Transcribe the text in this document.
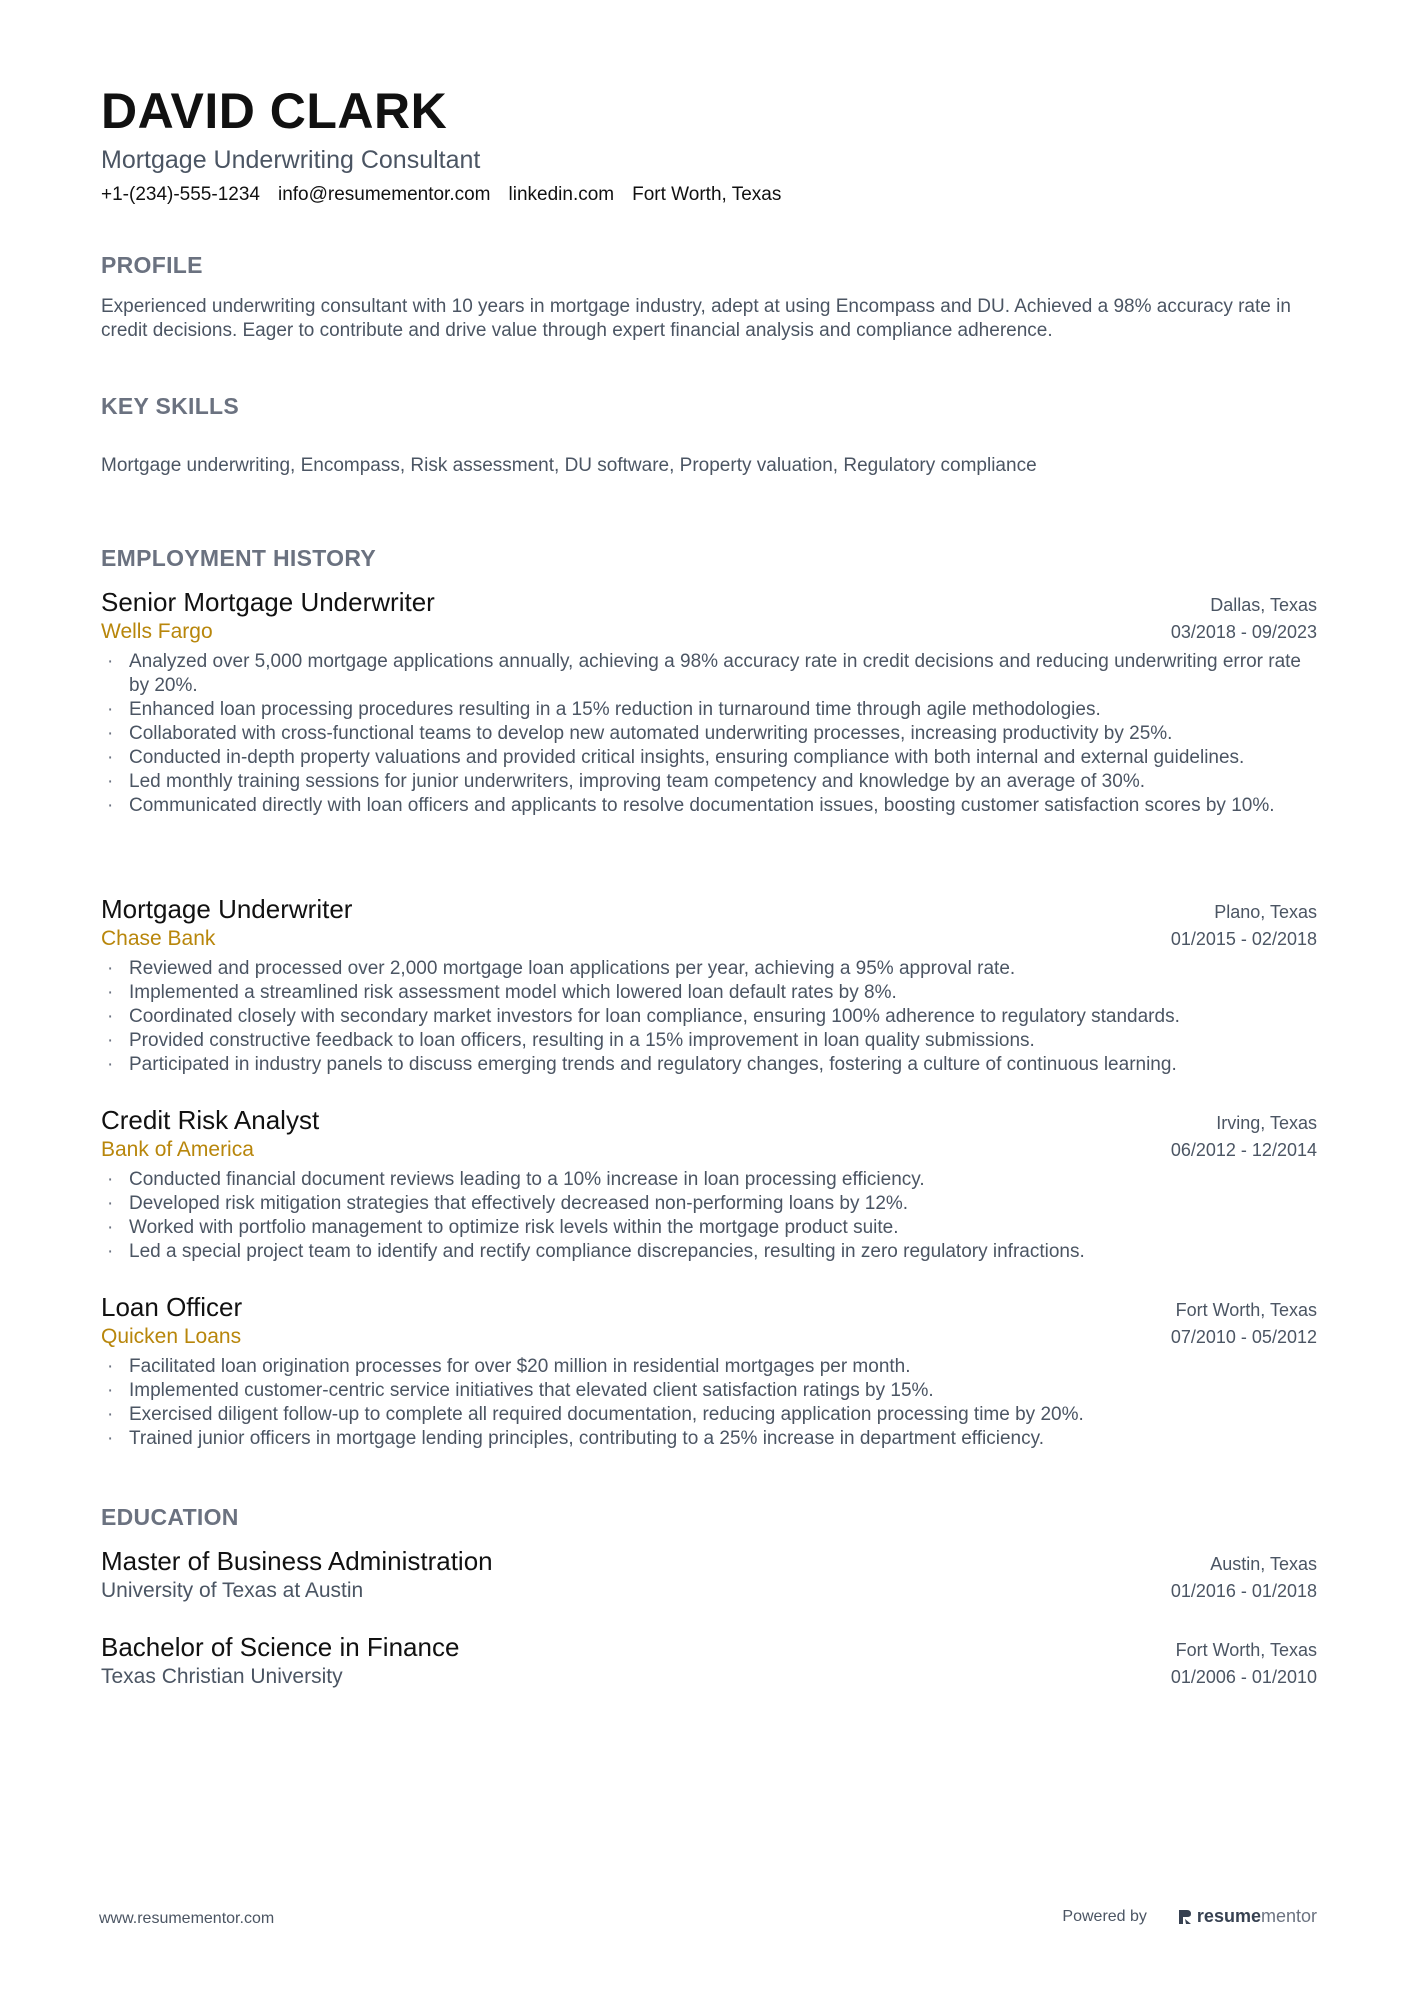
DAVID CLARK
Mortgage Underwriting Consultant
+1-(234)-555-1234 info@resumementor.com linkedin.com Fort Worth, Texas
PROFILE
Experienced underwriting consultant with 10 years in mortgage industry, adept at using Encompass and DU. Achieved a 98% accuracy rate in credit decisions. Eager to contribute and drive value through expert financial analysis and compliance adherence.
KEY SKILLS
Mortgage underwriting, Encompass, Risk assessment, DU software, Property valuation, Regulatory compliance
EMPLOYMENT HISTORY
Senior Mortgage Underwriter	Dallas, Texas
Wells Fargo	03/2018 - 09/2023
· Analyzed over 5,000 mortgage applications annually, achieving a 98% accuracy rate in credit decisions and reducing underwriting error rate by 20%.
· Enhanced loan processing procedures resulting in a 15% reduction in turnaround time through agile methodologies.
· Collaborated with cross-functional teams to develop new automated underwriting processes, increasing productivity by 25%.
· Conducted in-depth property valuations and provided critical insights, ensuring compliance with both internal and external guidelines.
· Led monthly training sessions for junior underwriters, improving team competency and knowledge by an average of 30%.
· Communicated directly with loan officers and applicants to resolve documentation issues, boosting customer satisfaction scores by 10%.
Mortgage Underwriter	Plano, Texas
Chase Bank	01/2015 - 02/2018
· Reviewed and processed over 2,000 mortgage loan applications per year, achieving a 95% approval rate.
· Implemented a streamlined risk assessment model which lowered loan default rates by 8%.
· Coordinated closely with secondary market investors for loan compliance, ensuring 100% adherence to regulatory standards.
· Provided constructive feedback to loan officers, resulting in a 15% improvement in loan quality submissions.
· Participated in industry panels to discuss emerging trends and regulatory changes, fostering a culture of continuous learning.
Credit Risk Analyst	Irving, Texas
Bank of America	06/2012 - 12/2014
· Conducted financial document reviews leading to a 10% increase in loan processing efficiency.
· Developed risk mitigation strategies that effectively decreased non-performing loans by 12%.
· Worked with portfolio management to optimize risk levels within the mortgage product suite.
· Led a special project team to identify and rectify compliance discrepancies, resulting in zero regulatory infractions.
Loan Officer	Fort Worth, Texas
Quicken Loans	07/2010 - 05/2012
· Facilitated loan origination processes for over $20 million in residential mortgages per month.
· Implemented customer-centric service initiatives that elevated client satisfaction ratings by 15%.
· Exercised diligent follow-up to complete all required documentation, reducing application processing time by 20%.
· Trained junior officers in mortgage lending principles, contributing to a 25% increase in department efficiency.
EDUCATION
Master of Business Administration	Austin, Texas
University of Texas at Austin	01/2016 - 01/2018
Bachelor of Science in Finance	Fort Worth, Texas
Texas Christian University	01/2006 - 01/2010
www.resumementor.com	Powered by	resumementor
